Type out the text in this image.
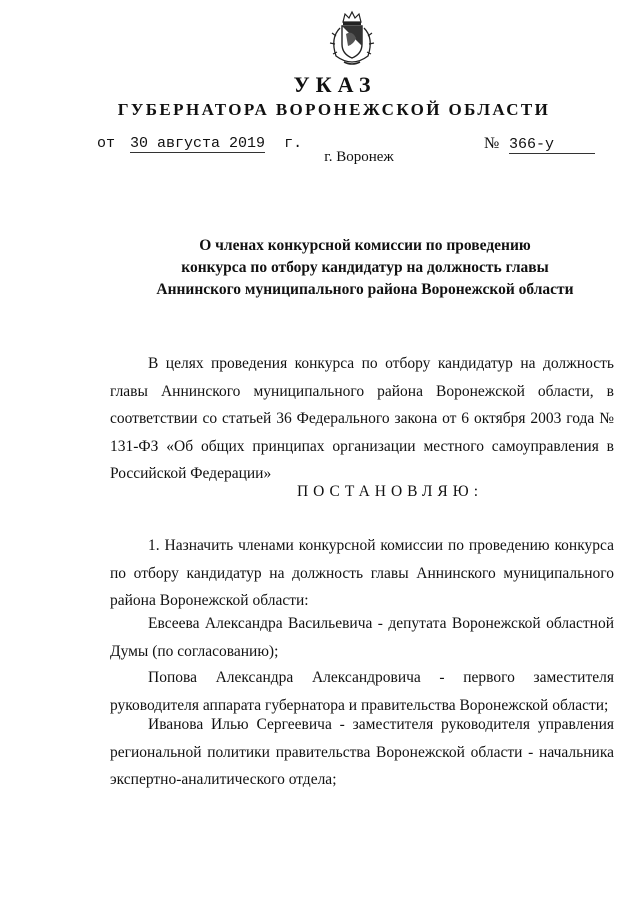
УКАЗ
ГУБЕРНАТОРА ВОРОНЕЖСКОЙ ОБЛАСТИ
от 30 августа 2019 г.	№ 366-у
г. Воронеж
О членах конкурсной комиссии по проведению
конкурса по отбору кандидатур на должность главы
Аннинского муниципального района Воронежской области
В целях проведения конкурса по отбору кандидатур на должность главы Аннинского муниципального района Воронежской области, в соответствии со статьей 36 Федерального закона от 6 октября 2003 года № 131-ФЗ «Об общих принципах организации местного самоуправления в Российской Федерации»
ПОСТАНОВЛЯЮ:
1. Назначить членами конкурсной комиссии по проведению конкурса по отбору кандидатур на должность главы Аннинского муниципального района Воронежской области:
Евсеева Александра Васильевича - депутата Воронежской областной Думы (по согласованию);
Попова Александра Александровича - первого заместителя руководителя аппарата губернатора и правительства Воронежской области;
Иванова Илью Сергеевича - заместителя руководителя управления региональной политики правительства Воронежской области - начальника экспертно-аналитического отдела;
